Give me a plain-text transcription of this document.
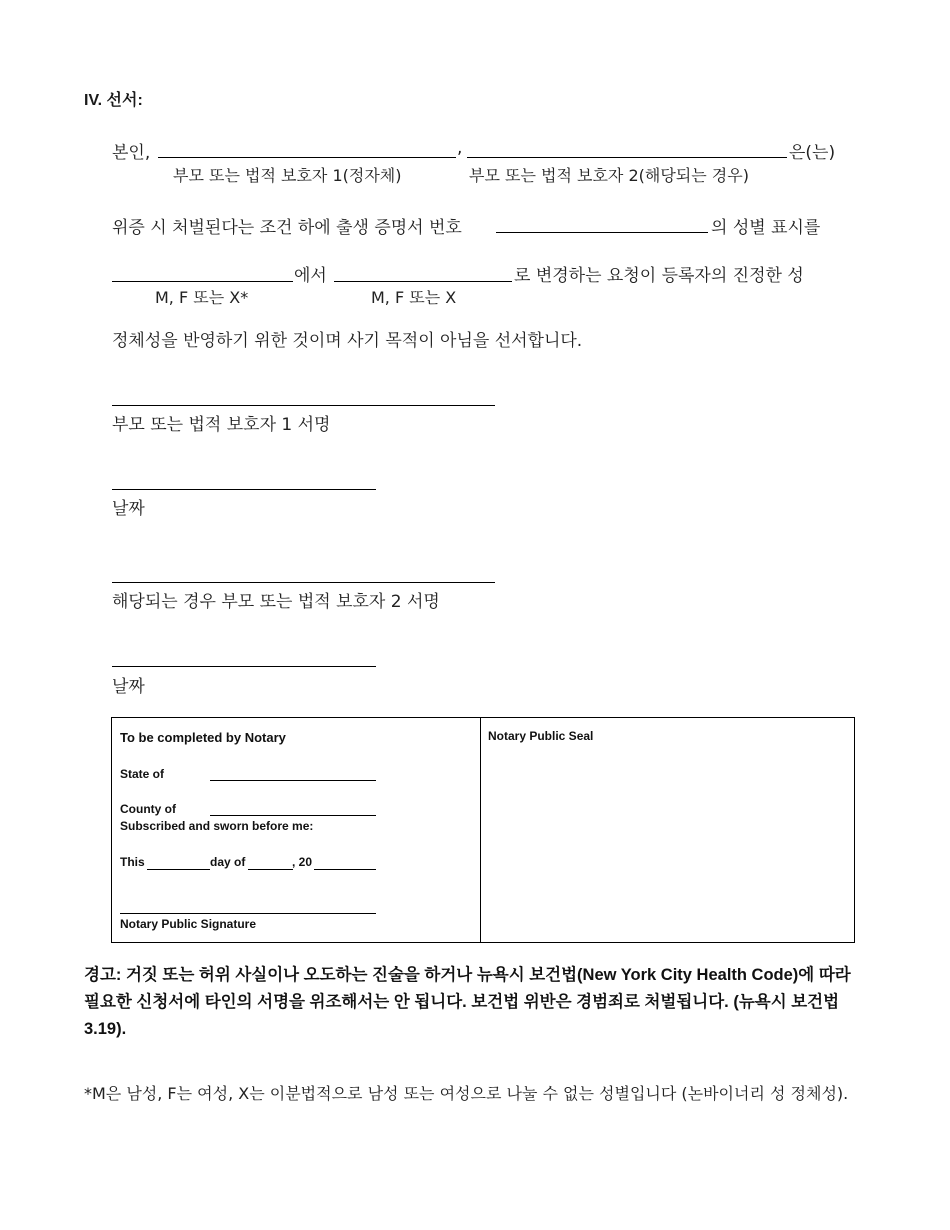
IV. 선서:
본인,	,	은(는)
부모 또는 법적 보호자 1(정자체)	부모 또는 법적 보호자 2(해당되는 경우)
위증 시 처벌된다는 조건 하에 출생 증명서 번호	의 성별 표시를
에서	로 변경하는 요청이 등록자의 진정한 성
M, F 또는 X*	M, F 또는 X
정체성을 반영하기 위한 것이며 사기 목적이 아님을 선서합니다.
부모 또는 법적 보호자 1 서명
날짜
해당되는 경우 부모 또는 법적 보호자 2 서명
날짜
To be completed by Notary
State of
County of
Subscribed and sworn before me:
This	day of	, 20
Notary Public Signature
Notary Public Seal
경고: 거짓 또는 허위 사실이나 오도하는 진술을 하거나 뉴욕시 보건법(New York City Health Code)에 따라 필요한 신청서에 타인의 서명을 위조해서는 안 됩니다. 보건법 위반은 경범죄로 처벌됩니다. (뉴욕시 보건법 3.19).
*M은 남성, F는 여성, X는 이분법적으로 남성 또는 여성으로 나눌 수 없는 성별입니다 (논바이너리 성 정체성).
